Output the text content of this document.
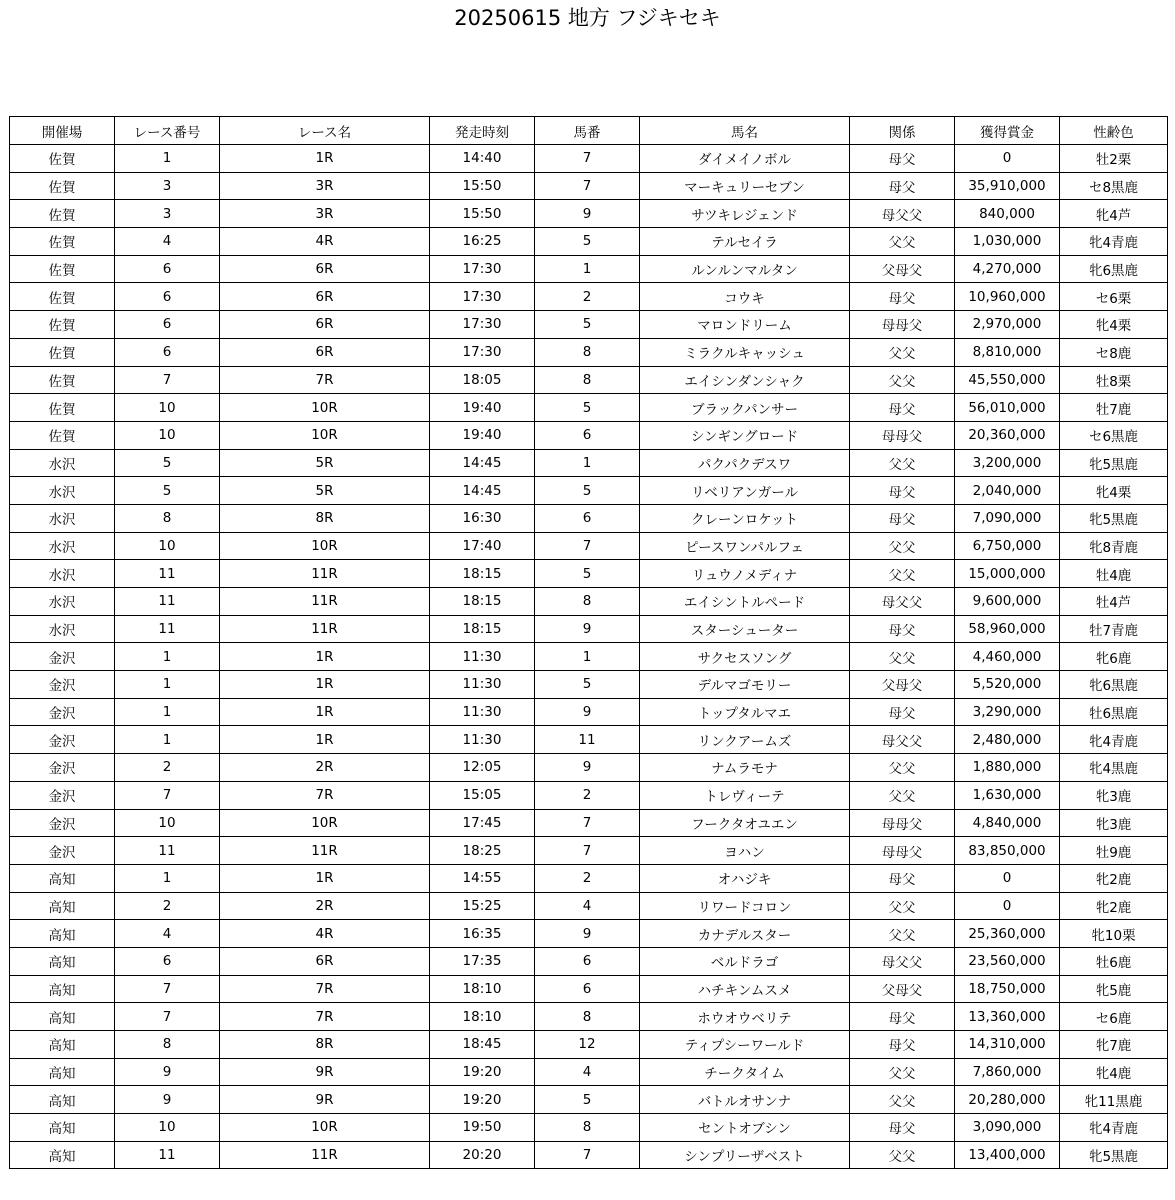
20250615 地方 フジキセキ
開催場	レース番号	レース名	発走時刻	馬番	馬名	関係	獲得賞金	性齢色
佐賀	1	1R	14:40	7	ダイメイノボル	母父	0	牡2栗
佐賀	3	3R	15:50	7	マーキュリーセブン	母父	35,910,000	セ8黒鹿
佐賀	3	3R	15:50	9	サツキレジェンド	母父父	840,000	牝4芦
佐賀	4	4R	16:25	5	テルセイラ	父父	1,030,000	牝4青鹿
佐賀	6	6R	17:30	1	ルンルンマルタン	父母父	4,270,000	牝6黒鹿
佐賀	6	6R	17:30	2	コウキ	母父	10,960,000	セ6栗
佐賀	6	6R	17:30	5	マロンドリーム	母母父	2,970,000	牝4栗
佐賀	6	6R	17:30	8	ミラクルキャッシュ	父父	8,810,000	セ8鹿
佐賀	7	7R	18:05	8	エイシンダンシャク	父父	45,550,000	牡8栗
佐賀	10	10R	19:40	5	ブラックパンサー	母父	56,010,000	牡7鹿
佐賀	10	10R	19:40	6	シンギングロード	母母父	20,360,000	セ6黒鹿
水沢	5	5R	14:45	1	パクパクデスワ	父父	3,200,000	牝5黒鹿
水沢	5	5R	14:45	5	リベリアンガール	母父	2,040,000	牝4栗
水沢	8	8R	16:30	6	クレーンロケット	母父	7,090,000	牝5黒鹿
水沢	10	10R	17:40	7	ピースワンパルフェ	父父	6,750,000	牝8青鹿
水沢	11	11R	18:15	5	リュウノメディナ	父父	15,000,000	牡4鹿
水沢	11	11R	18:15	8	エイシントルペード	母父父	9,600,000	牡4芦
水沢	11	11R	18:15	9	スターシューター	母父	58,960,000	牡7青鹿
金沢	1	1R	11:30	1	サクセスソング	父父	4,460,000	牝6鹿
金沢	1	1R	11:30	5	デルマゴモリー	父母父	5,520,000	牝6黒鹿
金沢	1	1R	11:30	9	トップタルマエ	母父	3,290,000	牡6黒鹿
金沢	1	1R	11:30	11	リンクアームズ	母父父	2,480,000	牝4青鹿
金沢	2	2R	12:05	9	ナムラモナ	父父	1,880,000	牝4黒鹿
金沢	7	7R	15:05	2	トレヴィーテ	父父	1,630,000	牝3鹿
金沢	10	10R	17:45	7	フークタオユエン	母母父	4,840,000	牝3鹿
金沢	11	11R	18:25	7	ヨハン	母母父	83,850,000	牡9鹿
高知	1	1R	14:55	2	オハジキ	母父	0	牝2鹿
高知	2	2R	15:25	4	リワードコロン	父父	0	牝2鹿
高知	4	4R	16:35	9	カナデルスター	父父	25,360,000	牝10栗
高知	6	6R	17:35	6	ベルドラゴ	母父父	23,560,000	牡6鹿
高知	7	7R	18:10	6	ハチキンムスメ	父母父	18,750,000	牝5鹿
高知	7	7R	18:10	8	ホウオウベリテ	母父	13,360,000	セ6鹿
高知	8	8R	18:45	12	ティプシーワールド	母父	14,310,000	牝7鹿
高知	9	9R	19:20	4	チークタイム	父父	7,860,000	牝4鹿
高知	9	9R	19:20	5	バトルオサンナ	父父	20,280,000	牝11黒鹿
高知	10	10R	19:50	8	セントオブシン	母父	3,090,000	牝4青鹿
高知	11	11R	20:20	7	シンプリーザベスト	父父	13,400,000	牝5黒鹿
